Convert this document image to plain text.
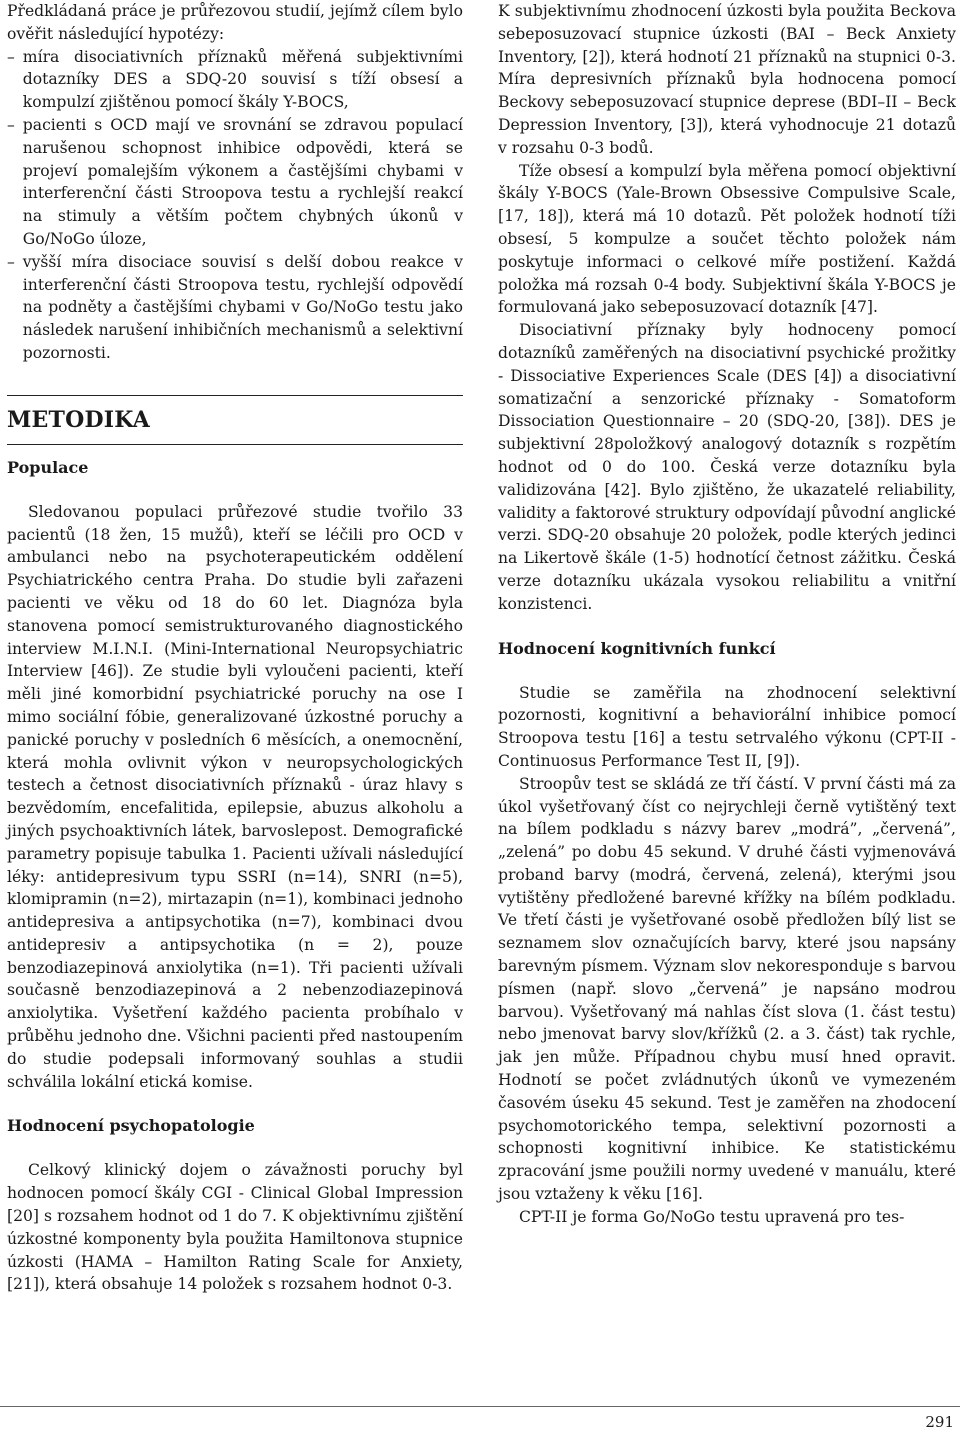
Předkládaná práce je průřezovou studií, jejímž cílem bylo ověřit následující hypotézy:

– míra disociativních příznaků měřená subjektivními dotazníky DES a SDQ-20 souvisí s tíží obsesí a kompulzí zjištěnou pomocí škály Y-BOCS,
– pacienti s OCD mají ve srovnání se zdravou populací narušenou schopnost inhibice odpovědi, která se projeví pomalejším výkonem a častějšími chybami v interferenční části Stroopova testu a rychlejší reakcí na stimuly a větším počtem chybných úkonů v Go/NoGo úloze,
– vyšší míra disociace souvisí s delší dobou reakce v interferenční části Stroopova testu, rychlejší odpovědí na podněty a častějšími chybami v Go/NoGo testu jako následek narušení inhibičních mechanismů a selektivní pozornosti.
METODIKA
Populace

Sledovanou populaci průřezové studie tvořilo 33 pacientů (18 žen, 15 mužů), kteří se léčili pro OCD v ambulanci nebo na psychoterapeutickém oddělení Psychiatrického centra Praha. Do studie byli zařazeni pacienti ve věku od 18 do 60 let. Diagnóza byla stanovena pomocí semistrukturovaného diagnostického interview M.I.N.I. (Mini-International Neuropsychiatric Interview [46]). Ze studie byli vyloučeni pacienti, kteří měli jiné komorbidní psychiatrické poruchy na ose I mimo sociální fóbie, generalizované úzkostné poruchy a panické poruchy v posledních 6 měsících, a onemocnění, která mohla ovlivnit výkon v neuropsychologických testech a četnost disociativních příznaků - úraz hlavy s bezvědomím, encefalitida, epilepsie, abuzus alkoholu a jiných psychoaktivních látek, barvoslepost. Demografické parametry popisuje tabulka 1. Pacienti užívali následující léky: antidepresivum typu SSRI (n=14), SNRI (n=5), klomipramin (n=2), mirtazapin (n=1), kombinaci jednoho antidepresiva a antipsychotika (n=7), kombinaci dvou antidepresiv a antipsychotika (n = 2), pouze benzodiazepinová anxiolytika (n=1). Tři pacienti užívali současně benzodiazepinová a 2 nebenzodiazepinová anxiolytika. Vyšetření každého pacienta probíhalo v průběhu jednoho dne. Všichni pacienti před nastoupením do studie podepsali informovaný souhlas a studii schválila lokální etická komise.

Hodnocení psychopatologie

Celkový klinický dojem o závažnosti poruchy byl hodnocen pomocí škály CGI - Clinical Global Impression [20] s rozsahem hodnot od 1 do 7. K objektivnímu zjištění úzkostné komponenty byla použita Hamiltonova stupnice úzkosti (HAMA – Hamilton Rating Scale for Anxiety, [21]), která obsahuje 14 položek s rozsahem hodnot 0-3.

K subjektivnímu zhodnocení úzkosti byla použita Beckova sebeposuzovací stupnice úzkosti (BAI – Beck Anxiety Inventory, [2]), která hodnotí 21 příznaků na stupnici 0-3. Míra depresivních příznaků byla hodnocena pomocí Beckovy sebeposuzovací stupnice deprese (BDI–II – Beck Depression Inventory, [3]), která vyhodnocuje 21 dotazů v rozsahu 0-3 bodů.

Tíže obsesí a kompulzí byla měřena pomocí objektivní škály Y-BOCS (Yale-Brown Obsessive Compulsive Scale, [17, 18]), která má 10 dotazů. Pět položek hodnotí tíži obsesí, 5 kompulze a součet těchto položek nám poskytuje informaci o celkové míře postižení. Každá položka má rozsah 0-4 body. Subjektivní škála Y-BOCS je formulovaná jako sebeposuzovací dotazník [47].

Disociativní příznaky byly hodnoceny pomocí dotazníků zaměřených na disociativní psychické prožitky - Dissociative Experiences Scale (DES [4]) a disociativní somatizační a senzorické příznaky - Somatoform Dissociation Questionnaire – 20 (SDQ-20, [38]). DES je subjektivní 28položkový analogový dotazník s rozpětím hodnot od 0 do 100. Česká verze dotazníku byla validizována [42]. Bylo zjištěno, že ukazatelé reliability, validity a faktorové struktury odpovídají původní anglické verzi. SDQ-20 obsahuje 20 položek, podle kterých jedinci na Likertově škále (1-5) hodnotící četnost zážitku. Česká verze dotazníku ukázala vysokou reliabilitu a vnitřní konzistenci.

Hodnocení kognitivních funkcí

Studie se zaměřila na zhodnocení selektivní pozornosti, kognitivní a behaviorální inhibice pomocí Stroopova testu [16] a testu setrvalého výkonu (CPT-II - Continuosus Performance Test II, [9]).

Stroopův test se skládá ze tří částí. V první části má za úkol vyšetřovaný číst co nejrychleji černě vytištěný text na bílem podkladu s názvy barev „modrá”, „červená”, „zelená” po dobu 45 sekund. V druhé části vyjmenovává proband barvy (modrá, červená, zelená), kterými jsou vytištěny předložené barevné křížky na bílém podkladu. Ve třetí části je vyšetřované osobě předložen bílý list se seznamem slov označujících barvy, které jsou napsány barevným písmem. Význam slov nekoresponduje s barvou písmen (např. slovo „červená” je napsáno modrou barvou). Vyšetřovaný má nahlas číst slova (1. část testu) nebo jmenovat barvy slov/křížků (2. a 3. část) tak rychle, jak jen může. Případnou chybu musí hned opravit. Hodnotí se počet zvládnutých úkonů ve vymezeném časovém úseku 45 sekund. Test je zaměřen na zhodocení psychomotorického tempa, selektivní pozornosti a schopnosti kognitivní inhibice. Ke statistickému zpracování jsme použili normy uvedené v manuálu, které jsou vztaženy k věku [16].

CPT-II je forma Go/NoGo testu upravená pro tes-

291
